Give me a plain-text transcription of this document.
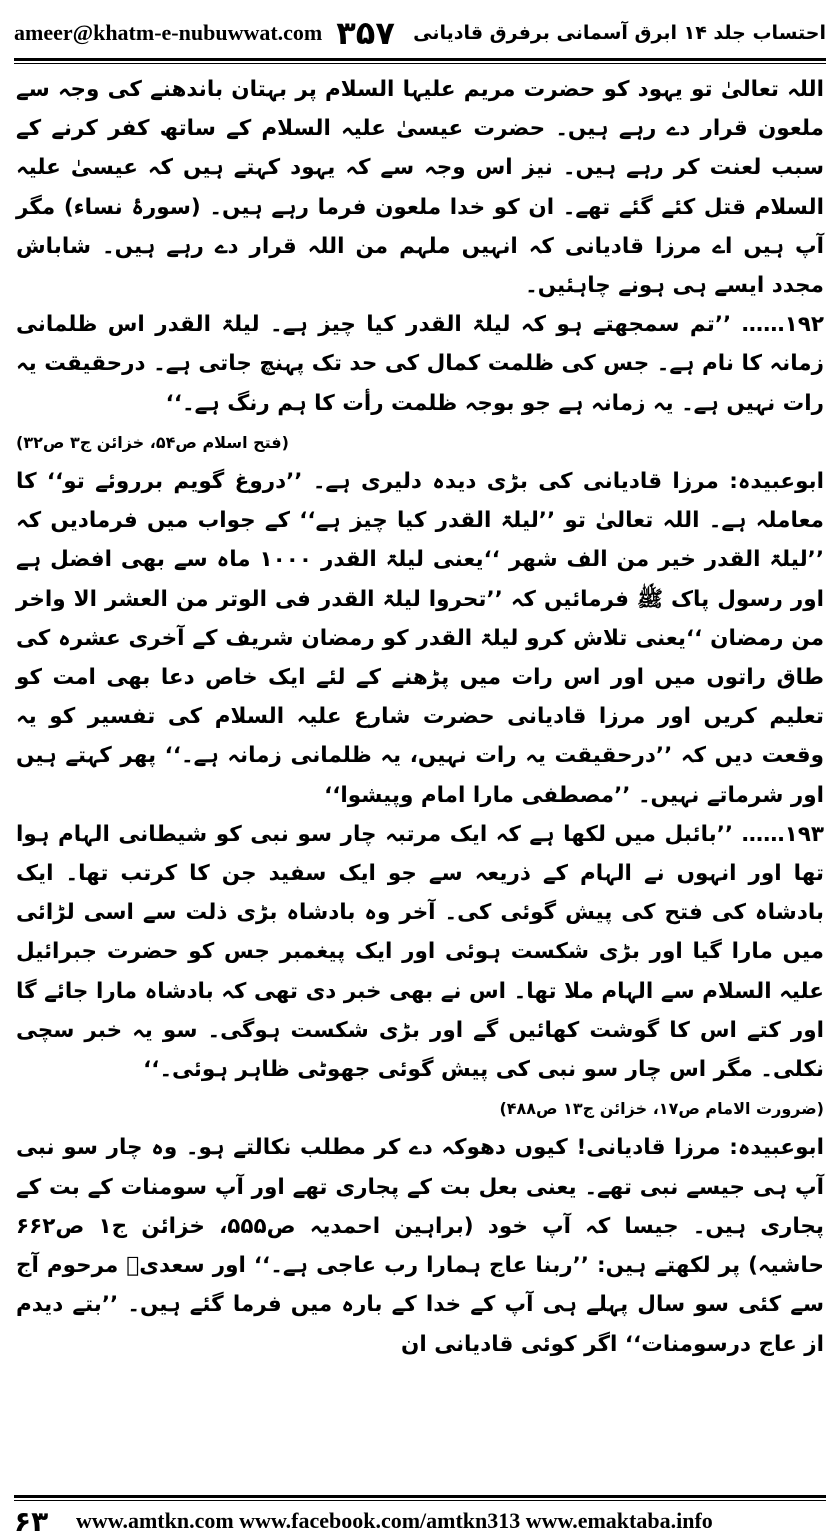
ameer@khatm-e-nubuwwat.com ۳۵۷ احتساب جلد ۱۴ ابرق آسمانی برفرق قادیانی

اللہ تعالیٰ تو یہود کو حضرت مریم علیہا السلام پر بہتان باندھنے کی وجہ سے ملعون قرار دے رہے ہیں۔ حضرت عیسیٰ علیہ السلام کے ساتھ کفر کرنے کے سبب لعنت کر رہے ہیں۔ نیز اس وجہ سے کہ یہود کہتے ہیں کہ عیسیٰ علیہ السلام قتل کئے گئے تھے۔ ان کو خدا ملعون فرما رہے ہیں۔ (سورۂ نساء) مگر آپ ہیں اے مرزا قادیانی کہ انہیں ملہم من اللہ قرار دے رہے ہیں۔ شاباش مجدد ایسے ہی ہونے چاہئیں۔

۱۹۲…… ’’تم سمجھتے ہو کہ لیلۃ القدر کیا چیز ہے۔ لیلۃ القدر اس ظلمانی زمانہ کا نام ہے۔ جس کی ظلمت کمال کی حد تک پہنچ جاتی ہے۔ درحقیقت یہ رات نہیں ہے۔ یہ زمانہ ہے جو بوجہ ظلمت رأت کا ہم رنگ ہے۔‘‘

(فتح اسلام ص۵۴، خزائن ج۳ ص۳۲)

ابوعبیدہ: مرزا قادیانی کی بڑی دیدہ دلیری ہے۔ ’’دروغ گویم برروئے تو‘‘ کا معاملہ ہے۔ اللہ تعالیٰ تو ’’لیلۃ القدر کیا چیز ہے‘‘ کے جواب میں فرمادیں کہ ’’لیلۃ القدر خیر من الف شھر ‘‘یعنی لیلۃ القدر ۱۰۰۰ ماہ سے بھی افضل ہے اور رسول پاک ﷺ فرمائیں کہ ’’تحروا لیلۃ القدر فی الوتر من العشر الا واخر من رمضان ‘‘یعنی تلاش کرو لیلۃ القدر کو رمضان شریف کے آخری عشرہ کی طاق راتوں میں اور اس رات میں پڑھنے کے لئے ایک خاص دعا بھی امت کو تعلیم کریں اور مرزا قادیانی حضرت شارع علیہ السلام کی تفسیر کو یہ وقعت دیں کہ ’’درحقیقت یہ رات نہیں، یہ ظلمانی زمانہ ہے۔‘‘ پھر کہتے ہیں اور شرماتے نہیں۔ ’’مصطفی مارا امام وپیشوا‘‘

۱۹۳…… ’’بائبل میں لکھا ہے کہ ایک مرتبہ چار سو نبی کو شیطانی الہام ہوا تھا اور انہوں نے الہام کے ذریعہ سے جو ایک سفید جن کا کرتب تھا۔ ایک بادشاہ کی فتح کی پیش گوئی کی۔ آخر وہ بادشاہ بڑی ذلت سے اسی لڑائی میں مارا گیا اور بڑی شکست ہوئی اور ایک پیغمبر جس کو حضرت جبرائیل علیہ السلام سے الہام ملا تھا۔ اس نے بھی خبر دی تھی کہ بادشاہ مارا جائے گا اور کتے اس کا گوشت کھائیں گے اور بڑی شکست ہوگی۔ سو یہ خبر سچی نکلی۔ مگر اس چار سو نبی کی پیش گوئی جھوٹی ظاہر ہوئی۔‘‘

(ضرورت الامام ص۱۷، خزائن ج۱۳ ص۴۸۸)

ابوعبیدہ: مرزا قادیانی! کیوں دھوکہ دے کر مطلب نکالتے ہو۔ وہ چار سو نبی آپ ہی جیسے نبی تھے۔ یعنی بعل بت کے پجاری تھے اور آپ سومنات کے بت کے پجاری ہیں۔ جیسا کہ آپ خود (براہین احمدیہ ص۵۵۵، خزائن ج۱ ص۶۶۲ حاشیہ) پر لکھتے ہیں: ’’ربنا عاج ہمارا رب عاجی ہے۔‘‘ اور سعدیؒ مرحوم آج سے کئی سو سال پہلے ہی آپ کے خدا کے بارہ میں فرما گئے ہیں۔ ’’بتے دیدم از عاج درسومنات‘‘ اگر کوئی قادیانی ان

۶۳	www.amtkn.com www.facebook.com/amtkn313 www.emaktaba.info
